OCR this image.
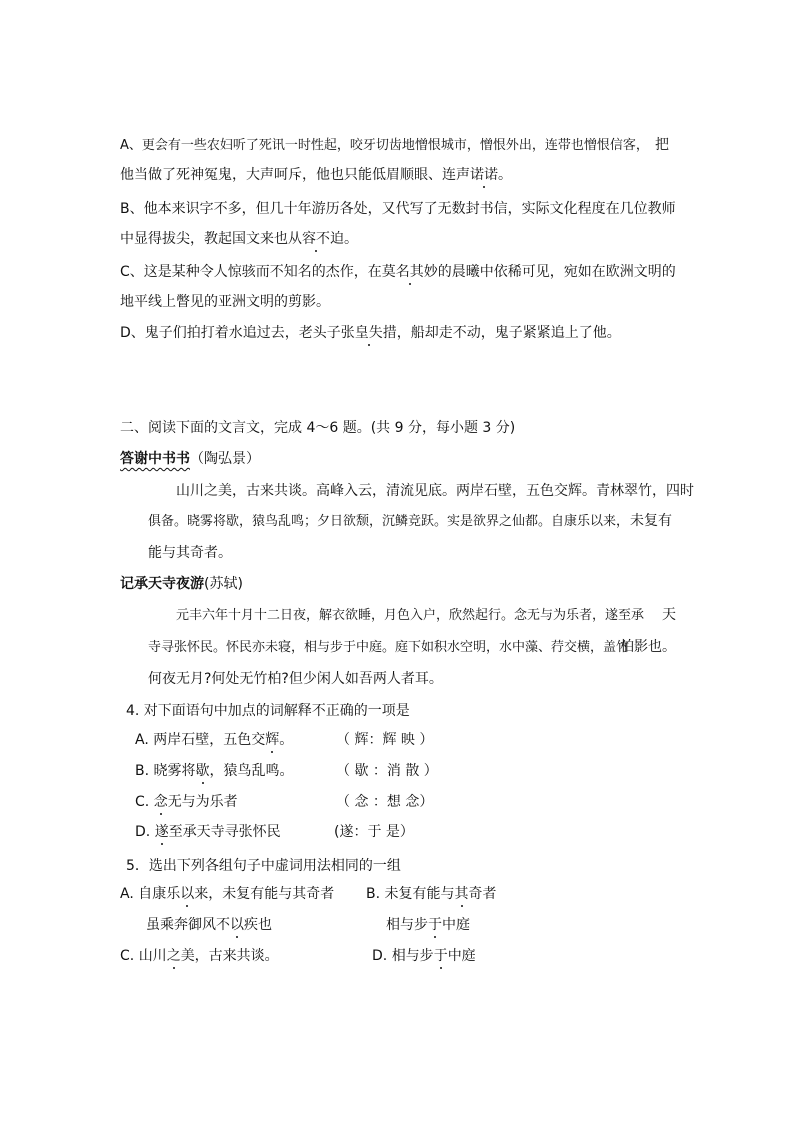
A、更会有一些农妇听了死讯一时性起，咬牙切齿地憎恨城市，憎恨外出，连带也憎恨信客， 把
他当做了死神冤鬼，大声呵斥，他也只能低眉顺眼、连声诺诺。
B、他本来识字不多，但几十年游历各处，又代写了无数封书信，实际文化程度在几位教师
中显得拔尖，教起国文来也从容不迫。
C、这是某种令人惊骇而不知名的杰作，在莫名其妙的晨曦中依稀可见，宛如在欧洲文明的
地平线上瞥见的亚洲文明的剪影。
D、鬼子们拍打着水追过去，老头子张皇失措，船却走不动，鬼子紧紧追上了他。
二、阅读下面的文言文，完成 4～6 题。(共 9 分，每小题 3 分)
答谢中书书（陶弘景）
山川之美，古来共谈。高峰入云，清流见底。两岸石壁，五色交辉。青林翠竹，四时
俱备。晓雾将歇，猿鸟乱鸣；夕日欲颓，沉鳞竞跃。实是欲界之仙都。自康乐以来， 未复有
能与其奇者。
记承天寺夜游(苏轼)
元丰六年十月十二日夜，解衣欲睡，月色入户，欣然起行。念无与为乐者，遂至承 天
寺寻张怀民。怀民亦未寝，相与步于中庭。庭下如积水空明，水中藻、荇交横，盖竹
柏影也。
何夜无月?何处无竹柏?但少闲人如吾两人者耳。
4. 对下面语句中加点的词解释不正确的一项是
A. 两岸石壁，五色交辉。	（ 辉：辉 映 ）
B. 晓雾将歇，猿鸟乱鸣。	（ 歇 ：消 散 ）
C. 念无与为乐者	（ 念 ：想 念）
D. 遂至承天寺寻张怀民	(遂：于 是）
5．选出下列各组句子中虚词用法相同的一组
A. 自康乐以来，未复有能与其奇者 B. 未复有能与其奇者
虽乘奔御风不以疾也	相与步于中庭
C. 山川之美，古来共谈。	D. 相与步于中庭
